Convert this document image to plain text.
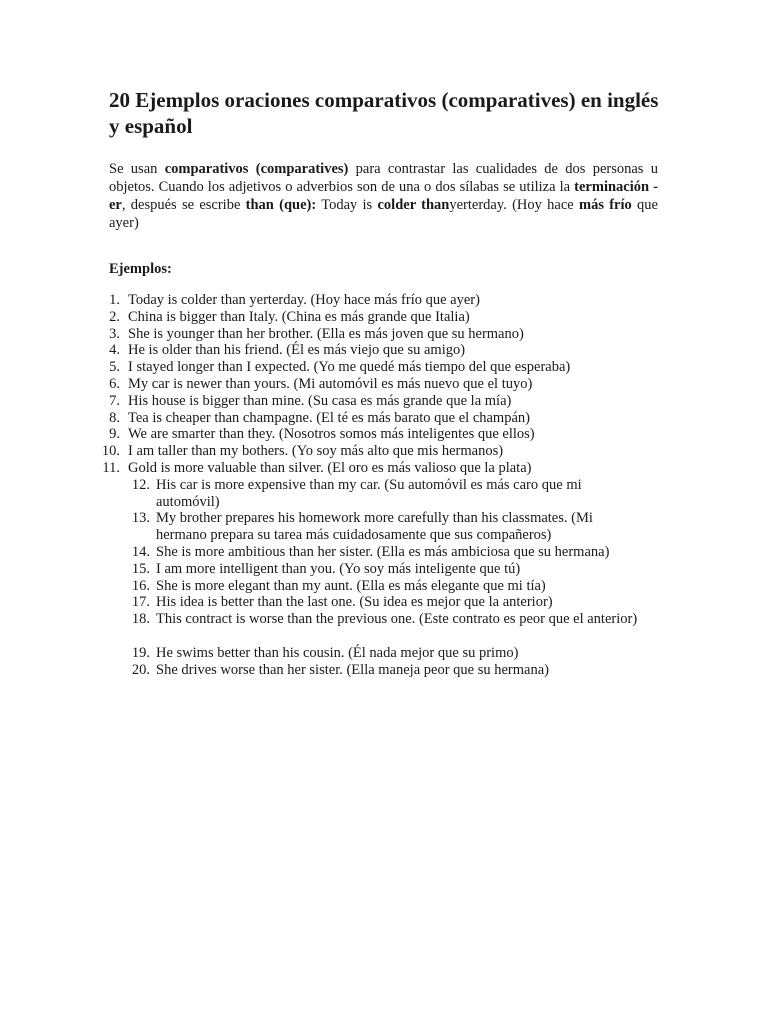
20 Ejemplos oraciones comparativos (comparatives) en inglés y español

Se usan comparativos (comparatives) para contrastar las cualidades de dos personas u objetos. Cuando los adjetivos o adverbios son de una o dos sílabas se utiliza la terminación -er, después se escribe than (que): Today is colder thanyerterday. (Hoy hace más frío que ayer)

Ejemplos:

1. Today is colder than yerterday. (Hoy hace más frío que ayer)
2. China is bigger than Italy. (China es más grande que Italia)
3. She is younger than her brother. (Ella es más joven que su hermano)
4. He is older than his friend. (Él es más viejo que su amigo)
5. I stayed longer than I expected. (Yo me quedé más tiempo del que esperaba)
6. My car is newer than yours. (Mi automóvil es más nuevo que el tuyo)
7. His house is bigger than mine. (Su casa es más grande que la mía)
8. Tea is cheaper than champagne. (El té es más barato que el champán)
9. We are smarter than they. (Nosotros somos más inteligentes que ellos)
10. I am taller than my bothers. (Yo soy más alto que mis hermanos)
11. Gold is more valuable than silver. (El oro es más valioso que la plata)
12. His car is more expensive than my car. (Su automóvil es más caro que mi automóvil)
13. My brother prepares his homework more carefully than his classmates. (Mi hermano prepara su tarea más cuidadosamente que sus compañeros)
14. She is more ambitious than her sister. (Ella es más ambiciosa que su hermana)
15. I am more intelligent than you. (Yo soy más inteligente que tú)
16. She is more elegant than my aunt. (Ella es más elegante que mi tía)
17. His idea is better than the last one. (Su idea es mejor que la anterior)
18. This contract is worse than the previous one. (Este contrato es peor que el anterior)
19. He swims better than his cousin. (Él nada mejor que su primo)
20. She drives worse than her sister. (Ella maneja peor que su hermana)
